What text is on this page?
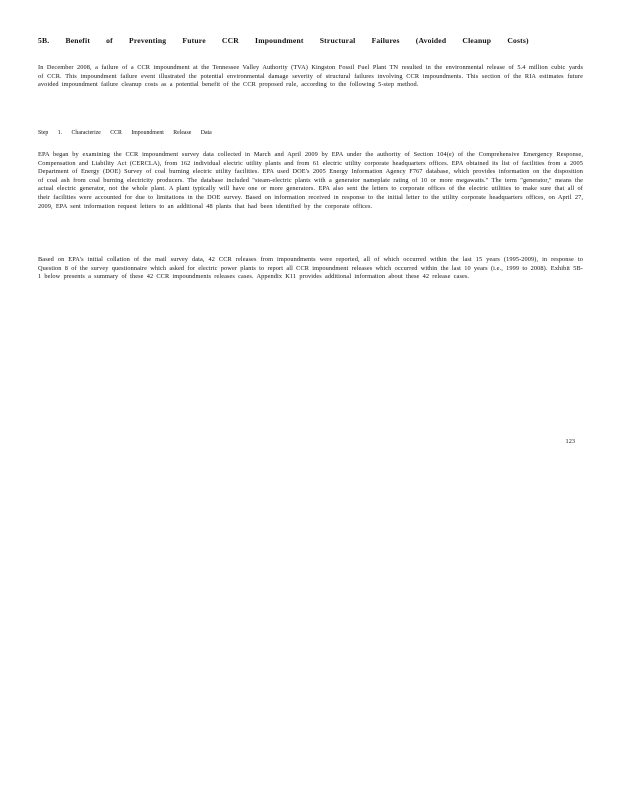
5B. Benefit of Preventing Future CCR Impoundment Structural Failures (Avoided Cleanup Costs)

In December 2008, a failure of a CCR impoundment at the Tennessee Valley Authority (TVA) Kingston Fossil Fuel Plant TN resulted in the environmental release of 5.4 million cubic yards of CCR. This impoundment failure event illustrated the potential environmental damage severity of structural failures involving CCR impoundments. This section of the RIA estimates future avoided impoundment failure cleanup costs as a potential benefit of the CCR proposed rule, according to the following 5-step method.

Step 1. Characterize CCR Impoundment Release Data

EPA began by examining the CCR impoundment survey data collected in March and April 2009 by EPA under the authority of Section 104(e) of the Comprehensive Emergency Response, Compensation and Liability Act (CERCLA), from 162 individual electric utility plants and from 61 electric utility corporate headquarters offices. EPA obtained its list of facilities from a 2005 Department of Energy (DOE) Survey of coal burning electric utility facilities. EPA used DOE's 2005 Energy Information Agency F767 database, which provides information on the disposition of coal ash from coal burning electricity producers. The database included "steam-electric plants with a generator nameplate rating of 10 or more megawatts." The term "generator," means the actual electric generator, not the whole plant. A plant typically will have one or more generators. EPA also sent the letters to corporate offices of the electric utilities to make sure that all of their facilities were accounted for due to limitations in the DOE survey. Based on information received in response to the initial letter to the utility corporate headquarters offices, on April 27, 2009, EPA sent information request letters to an additional 48 plants that had been identified by the corporate offices.

Based on EPA's initial collation of the mail survey data, 42 CCR releases from impoundments were reported, all of which occurred within the last 15 years (1995-2009), in response to Question 8 of the survey questionnaire which asked for electric power plants to report all CCR impoundment releases which occurred within the last 10 years (i.e., 1999 to 2008). Exhibit 5B-1 below presents a summary of these 42 CCR impoundments releases cases. Appendix K11 provides additional information about these 42 release cases.

123
